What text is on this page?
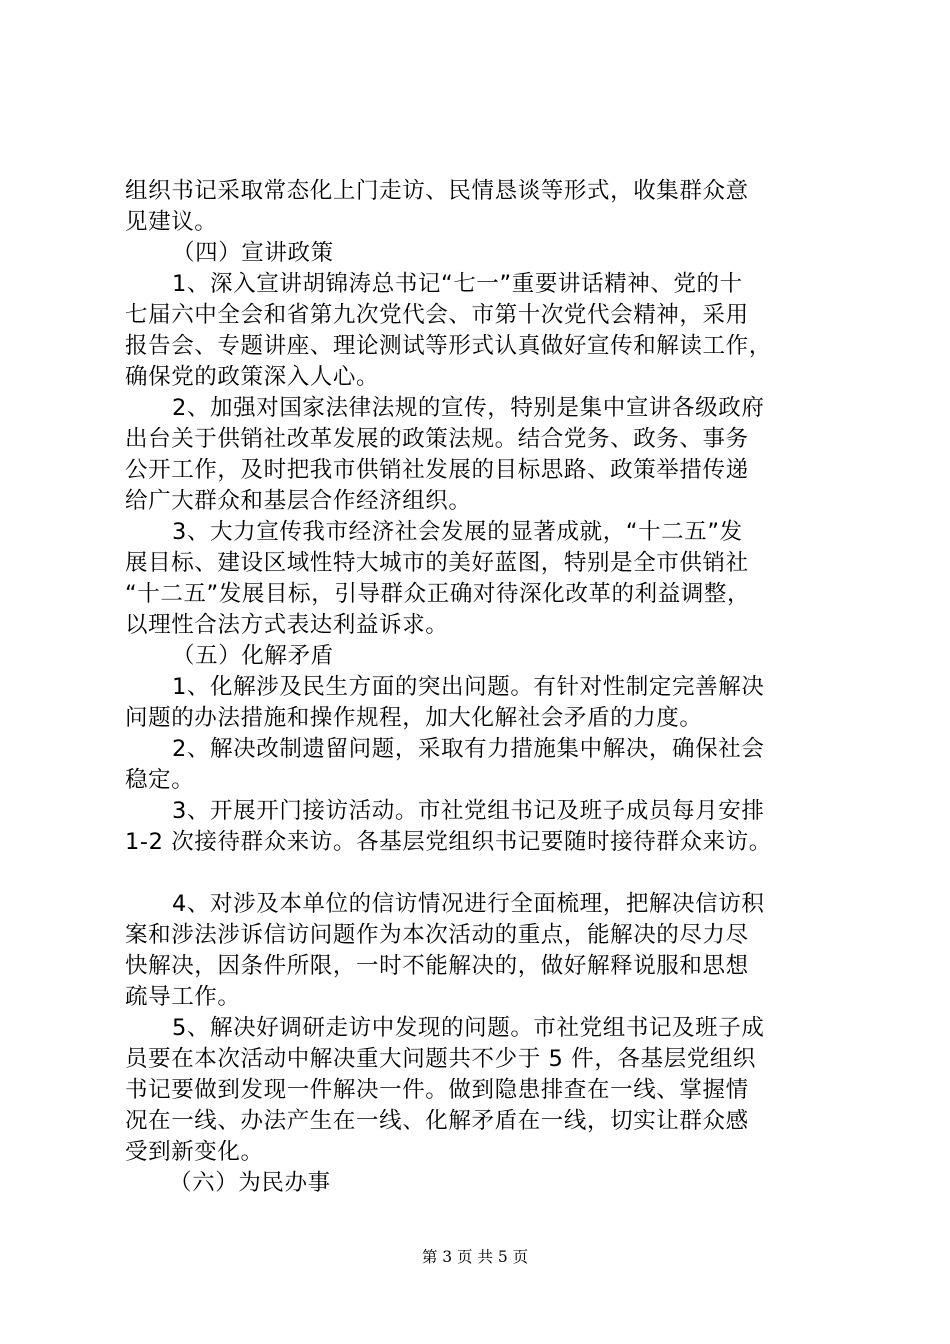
组织书记采取常态化上门走访、民情恳谈等形式，收集群众意
见建议。
（四）宣讲政策
1、深入宣讲胡锦涛总书记“七一”重要讲话精神、党的十
七届六中全会和省第九次党代会、市第十次党代会精神，采用
报告会、专题讲座、理论测试等形式认真做好宣传和解读工作，
确保党的政策深入人心。
2、加强对国家法律法规的宣传，特别是集中宣讲各级政府
出台关于供销社改革发展的政策法规。结合党务、政务、事务
公开工作，及时把我市供销社发展的目标思路、政策举措传递
给广大群众和基层合作经济组织。
3、大力宣传我市经济社会发展的显著成就，“十二五”发
展目标、建设区域性特大城市的美好蓝图，特别是全市供销社
“十二五”发展目标，引导群众正确对待深化改革的利益调整，
以理性合法方式表达利益诉求。
（五）化解矛盾
1、化解涉及民生方面的突出问题。有针对性制定完善解决
问题的办法措施和操作规程，加大化解社会矛盾的力度。
2、解决改制遗留问题，采取有力措施集中解决，确保社会
稳定。
3、开展开门接访活动。市社党组书记及班子成员每月安排
1-2 次接待群众来访。各基层党组织书记要随时接待群众来访。
4、对涉及本单位的信访情况进行全面梳理，把解决信访积
案和涉法涉诉信访问题作为本次活动的重点，能解决的尽力尽
快解决，因条件所限，一时不能解决的，做好解释说服和思想
疏导工作。
5、解决好调研走访中发现的问题。市社党组书记及班子成
员要在本次活动中解决重大问题共不少于 5 件，各基层党组织
书记要做到发现一件解决一件。做到隐患排查在一线、掌握情
况在一线、办法产生在一线、化解矛盾在一线，切实让群众感
受到新变化。
（六）为民办事
第 3 页 共 5 页
